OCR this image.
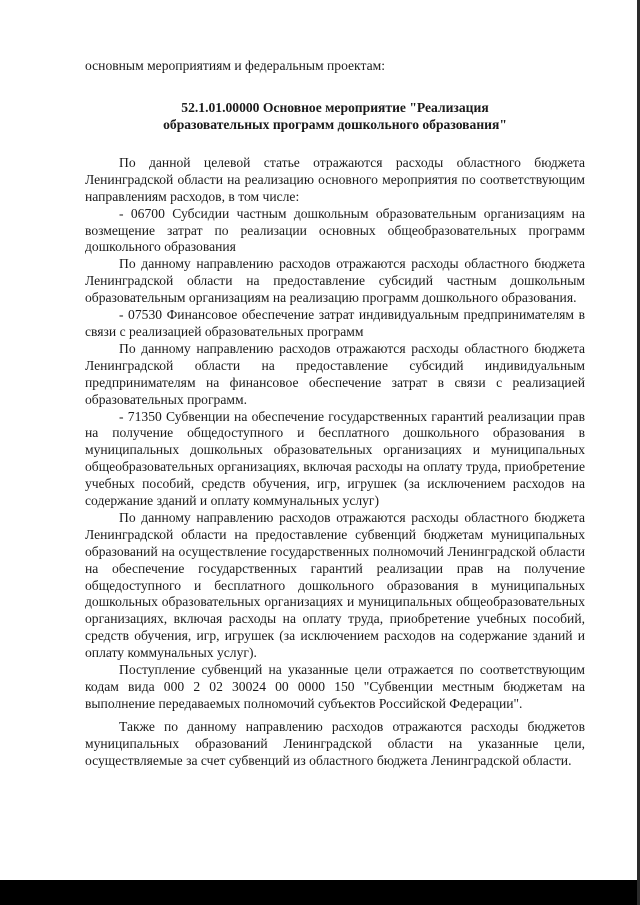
основным мероприятиям и федеральным проектам:

52.1.01.00000 Основное мероприятие "Реализация
образовательных программ дошкольного образования"

По данной целевой статье отражаются расходы областного бюджета Ленинградской области на реализацию основного мероприятия по соответствующим направлениям расходов, в том числе:

- 06700 Субсидии частным дошкольным образовательным организациям на возмещение затрат по реализации основных общеобразовательных программ дошкольного образования

По данному направлению расходов отражаются расходы областного бюджета Ленинградской области на предоставление субсидий частным дошкольным образовательным организациям на реализацию программ дошкольного образования.

- 07530 Финансовое обеспечение затрат индивидуальным предпринимателям в связи с реализацией образовательных программ

По данному направлению расходов отражаются расходы областного бюджета Ленинградской области на предоставление субсидий индивидуальным предпринимателям на финансовое обеспечение затрат в связи с реализацией образовательных программ.

- 71350 Субвенции на обеспечение государственных гарантий реализации прав на получение общедоступного и бесплатного дошкольного образования в муниципальных дошкольных образовательных организациях и муниципальных общеобразовательных организациях, включая расходы на оплату труда, приобретение учебных пособий, средств обучения, игр, игрушек (за исключением расходов на содержание зданий и оплату коммунальных услуг)

По данному направлению расходов отражаются расходы областного бюджета Ленинградской области на предоставление субвенций бюджетам муниципальных образований на осуществление государственных полномочий Ленинградской области на обеспечение государственных гарантий реализации прав на получение общедоступного и бесплатного дошкольного образования в муниципальных дошкольных образовательных организациях и муниципальных общеобразовательных организациях, включая расходы на оплату труда, приобретение учебных пособий, средств обучения, игр, игрушек (за исключением расходов на содержание зданий и оплату коммунальных услуг).

Поступление субвенций на указанные цели отражается по соответствующим кодам вида 000 2 02 30024 00 0000 150 "Субвенции местным бюджетам на выполнение передаваемых полномочий субъектов Российской Федерации".

Также по данному направлению расходов отражаются расходы бюджетов муниципальных образований Ленинградской области на указанные цели, осуществляемые за счет субвенций из областного бюджета Ленинградской области.
